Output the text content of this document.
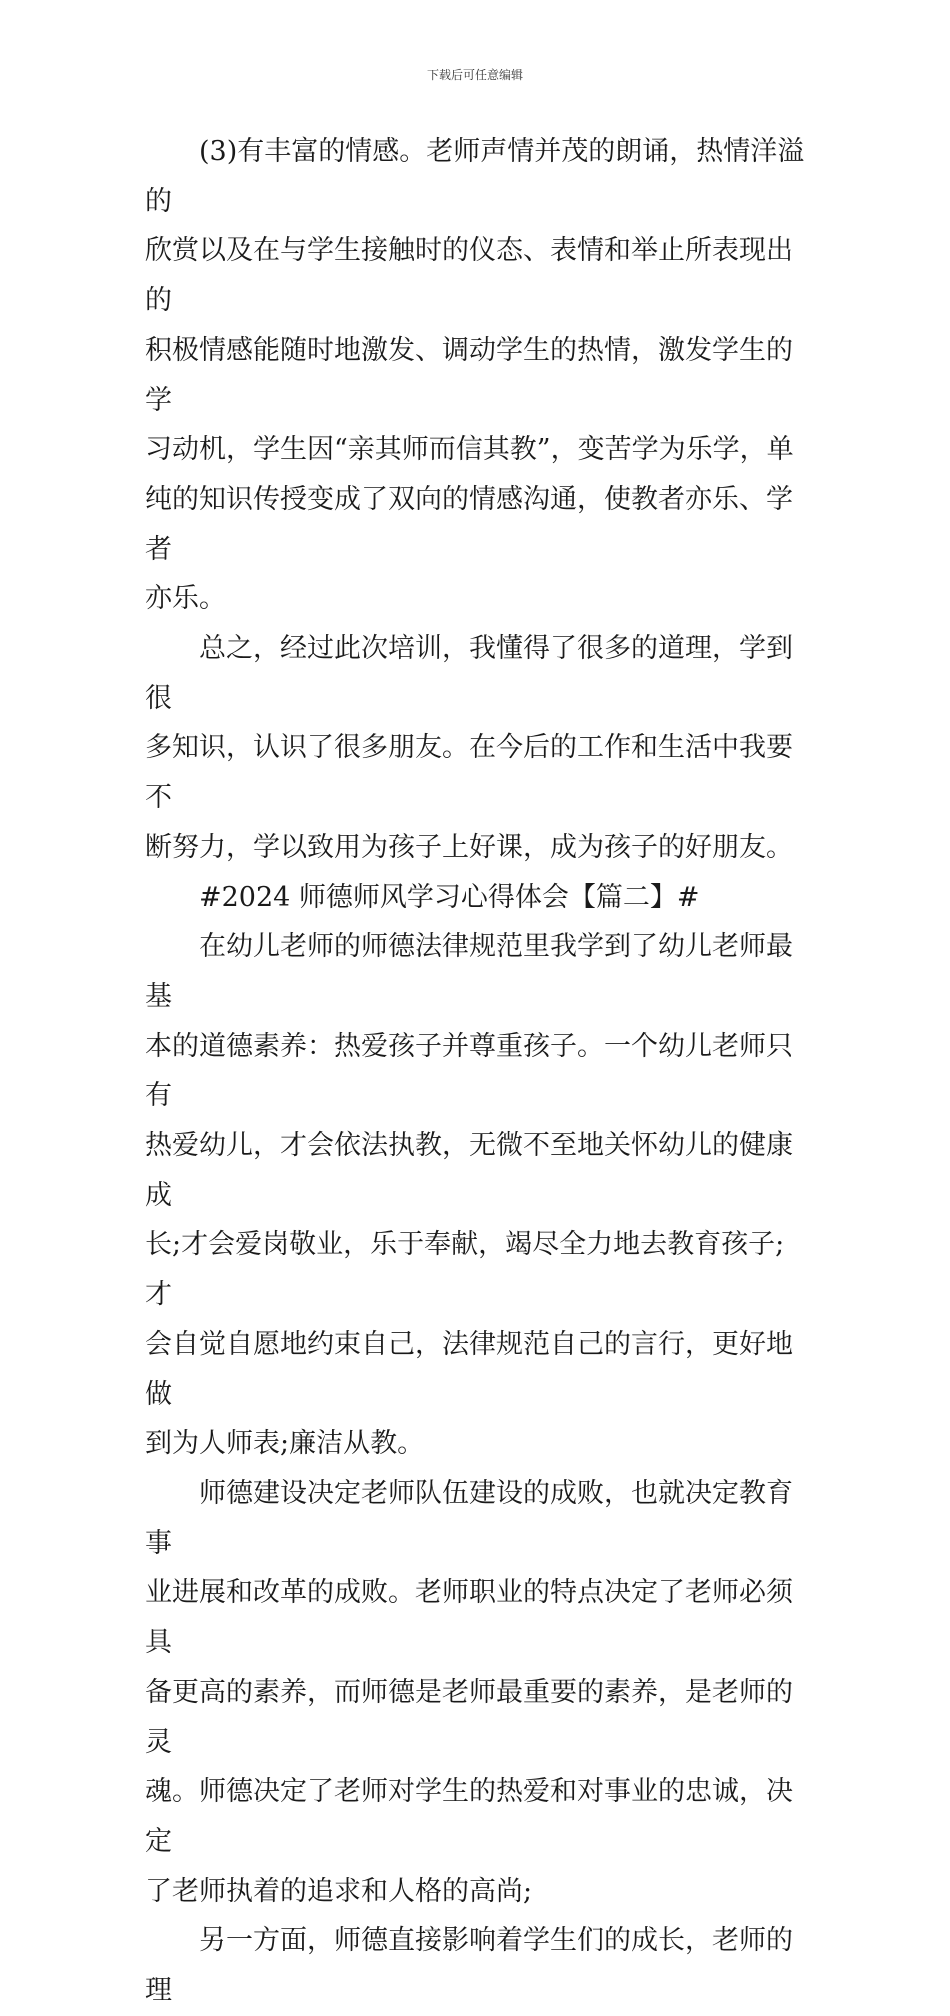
下载后可任意编辑

(3)有丰富的情感。老师声情并茂的朗诵，热情洋溢的
欣赏以及在与学生接触时的仪态、表情和举止所表现出的
积极情感能随时地激发、调动学生的热情，激发学生的学
习动机，学生因“亲其师而信其教”，变苦学为乐学，单
纯的知识传授变成了双向的情感沟通，使教者亦乐、学者
亦乐。

总之，经过此次培训，我懂得了很多的道理，学到很
多知识，认识了很多朋友。在今后的工作和生活中我要不
断努力，学以致用为孩子上好课，成为孩子的好朋友。

#2024 师德师风学习心得体会【篇二】#

在幼儿老师的师德法律规范里我学到了幼儿老师最基
本的道德素养：热爱孩子并尊重孩子。一个幼儿老师只有
热爱幼儿，才会依法执教，无微不至地关怀幼儿的健康成
长;才会爱岗敬业，乐于奉献，竭尽全力地去教育孩子;才
会自觉自愿地约束自己，法律规范自己的言行，更好地做
到为人师表;廉洁从教。

师德建设决定老师队伍建设的成败，也就决定教育事
业进展和改革的成败。老师职业的特点决定了老师必须具
备更高的素养，而师德是老师最重要的素养，是老师的灵
魂。师德决定了老师对学生的热爱和对事业的忠诚，决定
了老师执着的追求和人格的高尚;

另一方面，师德直接影响着学生们的成长，老师的理
